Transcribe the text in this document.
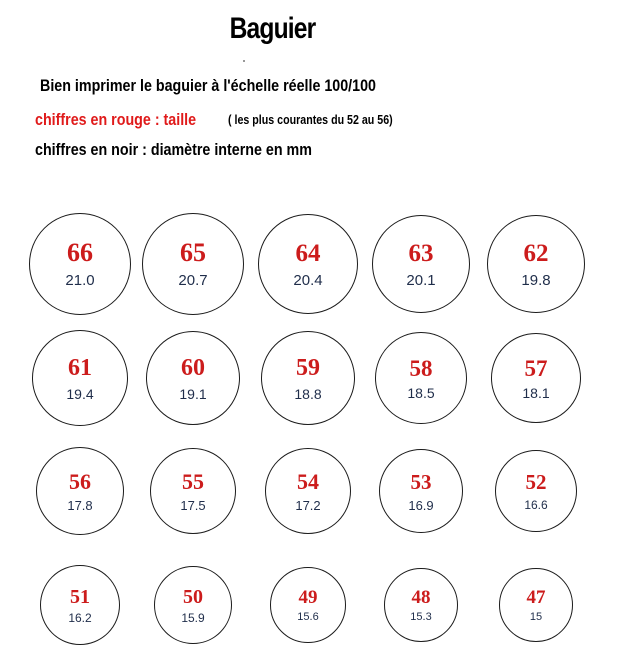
Baguier
Bien imprimer le baguier à l'échelle réelle 100/100
chiffres en rouge : taille ( les plus courantes du 52 au 56)
chiffres en noir : diamètre interne en mm
66
21.0
65
20.7
64
20.4
63
20.1
62
19.8
61
19.4
60
19.1
59
18.8
58
18.5
57
18.1
56
17.8
55
17.5
54
17.2
53
16.9
52
16.6
51
16.2
50
15.9
49
15.6
48
15.3
47
15
